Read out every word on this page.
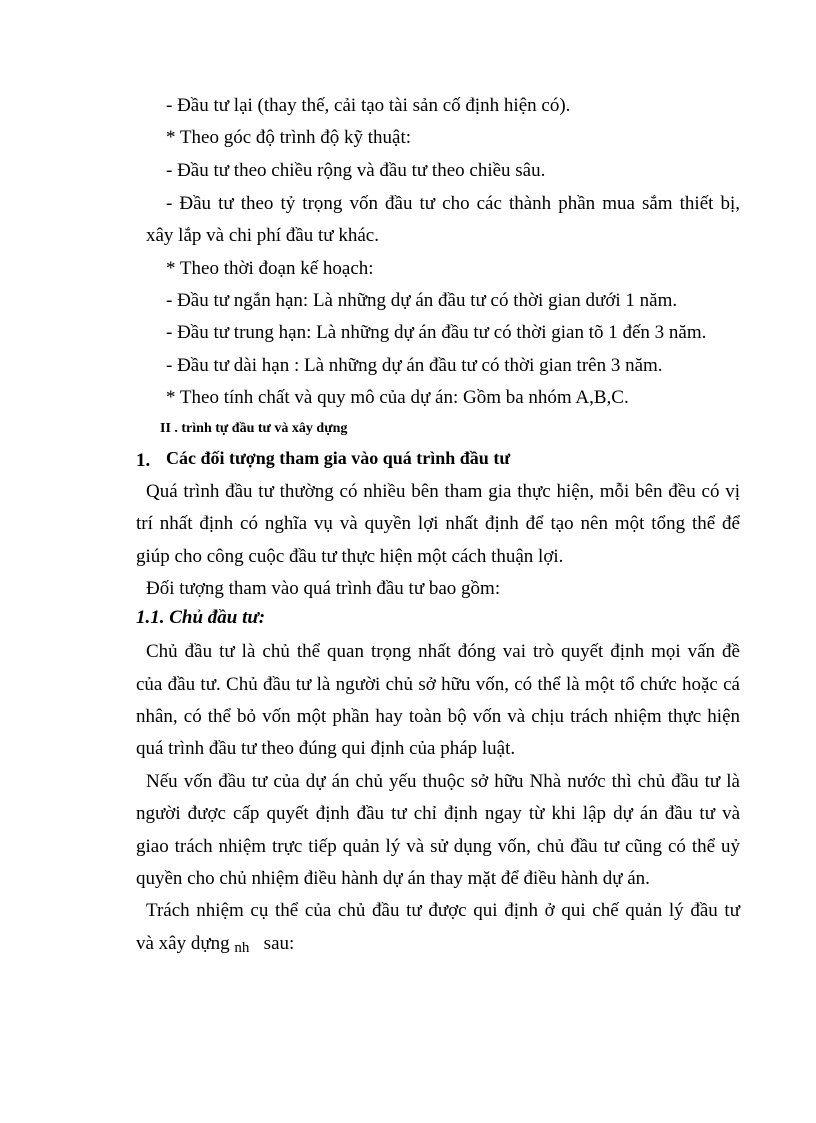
- Đầu tư lại (thay thế, cải tạo tài sản cố định hiện có).
* Theo góc độ trình độ kỹ thuật:
- Đầu tư theo chiều rộng và đầu tư theo chiều sâu.
- Đầu tư theo tỷ trọng vốn đầu tư cho các thành phần mua sắm thiết bị,
xây lắp và chi phí đầu tư khác.
* Theo thời đoạn kế hoạch:
- Đầu tư ngắn hạn: Là những dự án đầu tư có thời gian dưới 1 năm.
- Đầu tư trung hạn: Là những dự án đầu tư có thời gian tõ 1 đến 3 năm.
- Đầu tư dài hạn : Là những dự án đầu tư có thời gian trên 3 năm.
* Theo tính chất và quy mô của dự án: Gồm ba nhóm A,B,C.
II . trình tự đầu tư và xây dựng
1. Các đối tượng tham gia vào quá trình đầu tư
Quá trình đầu tư thường có nhiều bên tham gia thực hiện, mỗi bên đều có vị
trí nhất định có nghĩa vụ và quyền lợi nhất định để tạo nên một tổng thể để
giúp cho công cuộc đầu tư thực hiện một cách thuận lợi.
Đối tượng tham vào quá trình đầu tư bao gồm:
1.1. Chủ đầu tư:
Chủ đầu tư là chủ thể quan trọng nhất đóng vai trò quyết định mọi vấn đề
của đầu tư. Chủ đầu tư là người chủ sở hữu vốn, có thể là một tổ chức hoặc cá
nhân, có thể bỏ vốn một phần hay toàn bộ vốn và chịu trách nhiệm thực hiện
quá trình đầu tư theo đúng qui định của pháp luật.
Nếu vốn đầu tư của dự án chủ yếu thuộc sở hữu Nhà nước thì chủ đầu tư là
người được cấp quyết định đầu tư chỉ định ngay từ khi lập dự án đầu tư và
giao trách nhiệm trực tiếp quản lý và sử dụng vốn, chủ đầu tư cũng có thể uỷ
quyền cho chủ nhiệm điều hành dự án thay mặt để điều hành dự án.
Trách nhiệm cụ thể của chủ đầu tư được qui định ở qui chế quản lý đầu tư
và xây dựng nh sau:
